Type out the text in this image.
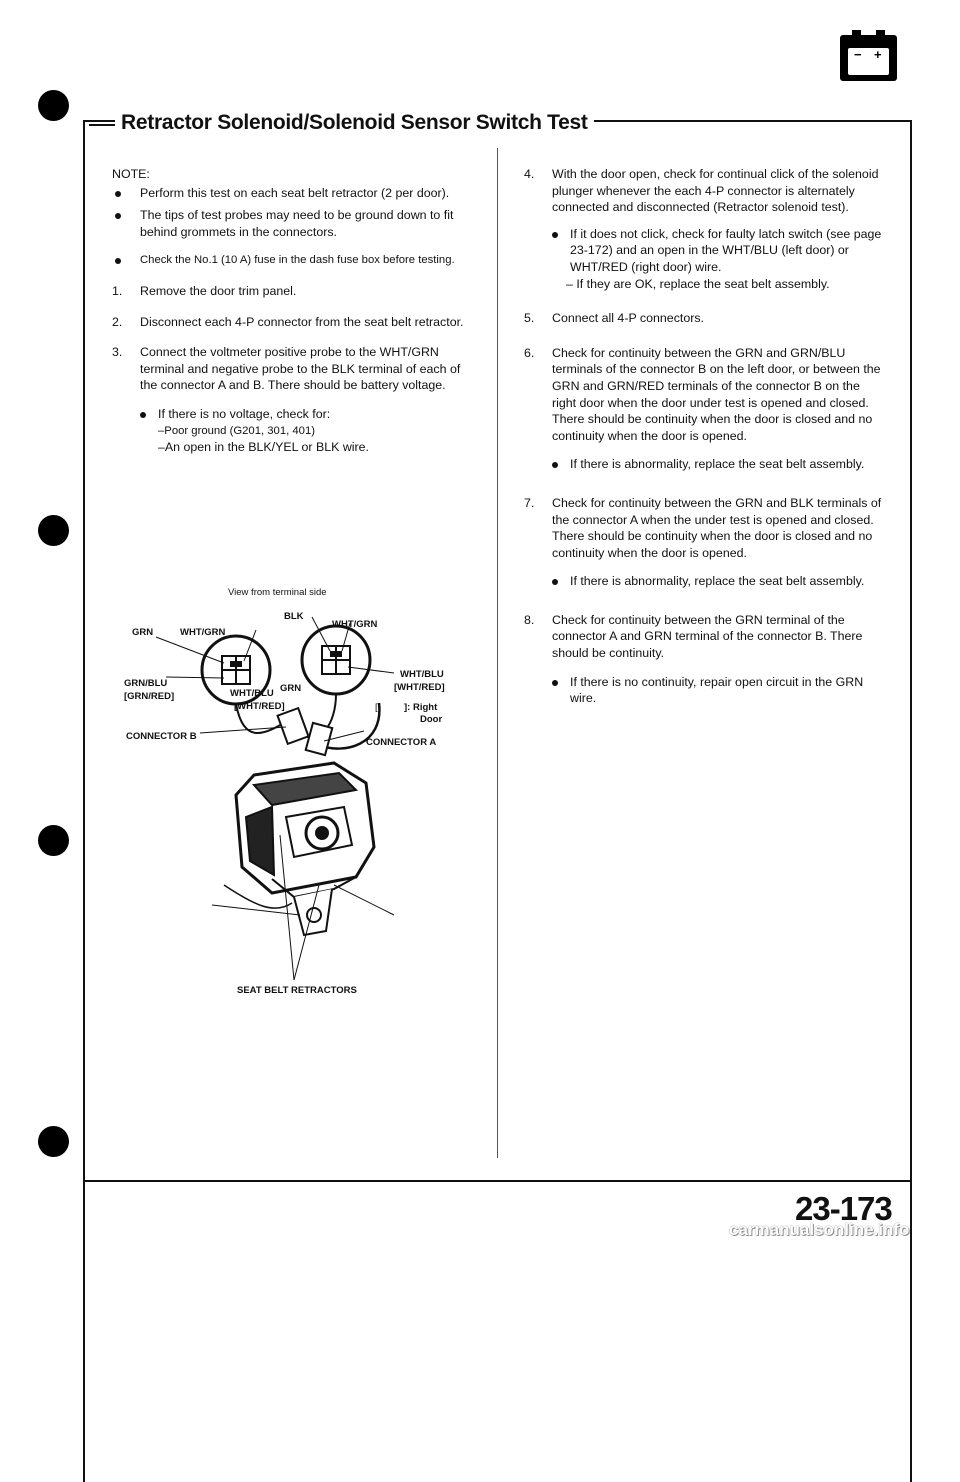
− +
Retractor Solenoid/Solenoid Sensor Switch Test
NOTE:
Perform this test on each seat belt retractor (2 per door).
The tips of test probes may need to be ground down to fit behind grommets in the connectors.
Check the No.1 (10 A) fuse in the dash fuse box before testing.
1. Remove the door trim panel.
2. Disconnect each 4-P connector from the seat belt retractor.
3. Connect the voltmeter positive probe to the WHT/GRN terminal and negative probe to the BLK terminal of each of the connector A and B. There should be battery voltage.
If there is no voltage, check for:
–Poor ground (G201, 301, 401)
–An open in the BLK/YEL or BLK wire.
View from terminal side
BLK
GRN	WHT/GRN
WHT/GRN
GRN/BLU
[GRN/RED]	WHT/BLU GRN
[WHT/RED]
WHT/BLU
[WHT/RED]
[	]: Right
Door
CONNECTOR B
CONNECTOR A
SEAT BELT RETRACTORS
4. With the door open, check for continual click of the solenoid plunger whenever the each 4-P connector is alternately connected and disconnected (Retractor solenoid test).
If it does not click, check for faulty latch switch (see page 23-172) and an open in the WHT/BLU (left door) or WHT/RED (right door) wire.
– If they are OK, replace the seat belt assembly.
5. Connect all 4-P connectors.
6. Check for continuity between the GRN and GRN/BLU terminals of the connector B on the left door, or between the GRN and GRN/RED terminals of the connector B on the right door when the door under test is opened and closed. There should be continuity when the door is closed and no continuity when the door is opened.
If there is abnormality, replace the seat belt assembly.
7. Check for continuity between the GRN and BLK terminals of the connector A when the under test is opened and closed. There should be continuity when the door is closed and no continuity when the door is opened.
If there is abnormality, replace the seat belt assembly.
8. Check for continuity between the GRN terminal of the connector A and GRN terminal of the connector B. There should be continuity.
If there is no continuity, repair open circuit in the GRN wire.
23-173
carmanualsonline.info
